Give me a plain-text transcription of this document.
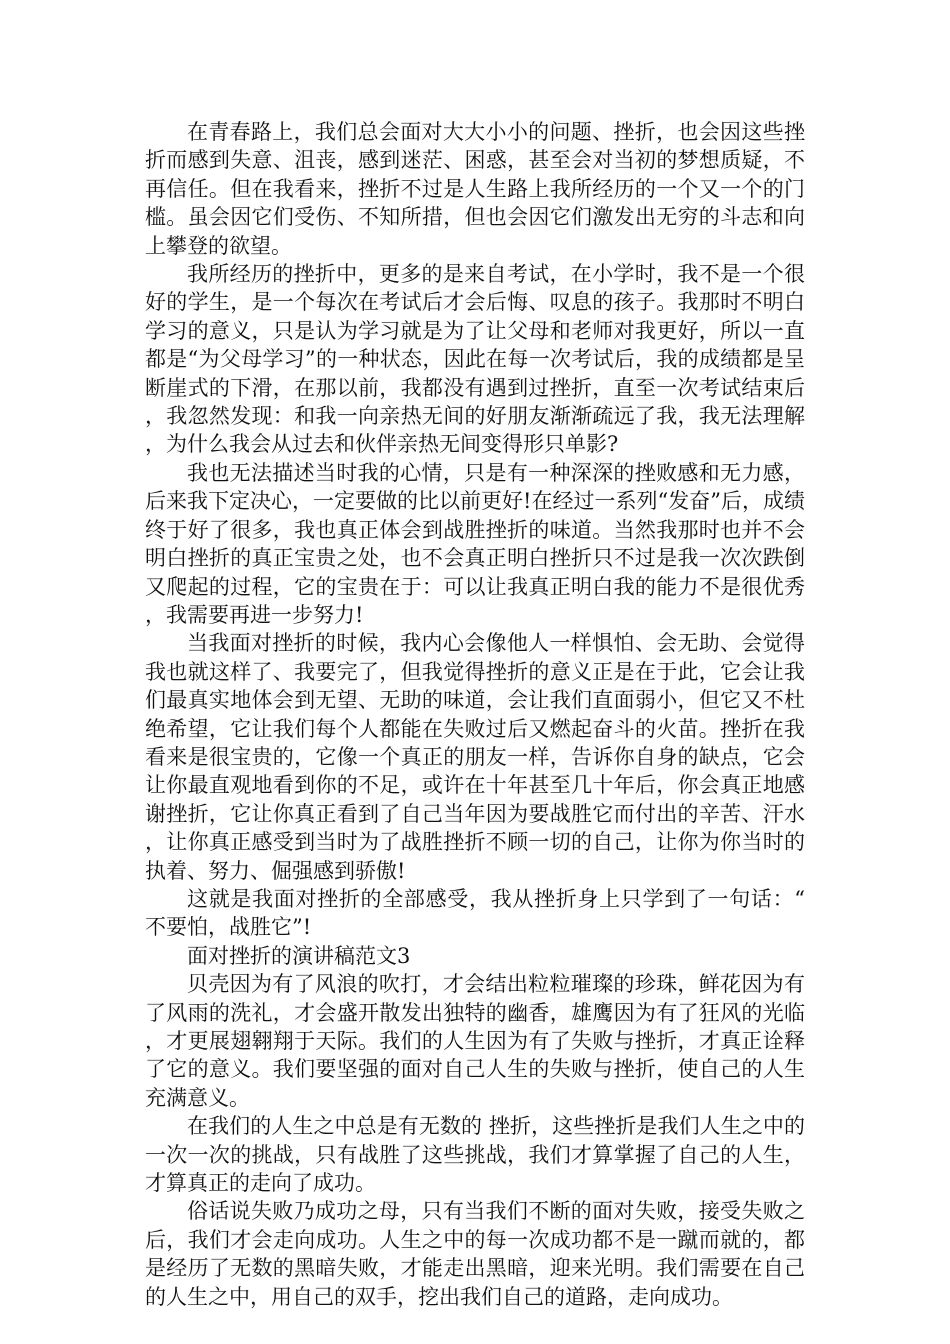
在青春路上，我们总会面对大大小小的问题、挫折，也会因这些挫折而感到失意、沮丧，感到迷茫、困惑，甚至会对当初的梦想质疑，不再信任。但在我看来，挫折不过是人生路上我所经历的一个又一个的门槛。虽会因它们受伤、不知所措，但也会因它们激发出无穷的斗志和向上攀登的欲望。

我所经历的挫折中，更多的是来自考试，在小学时，我不是一个很好的学生，是一个每次在考试后才会后悔、叹息的孩子。我那时不明白学习的意义，只是认为学习就是为了让父母和老师对我更好，所以一直都是“为父母学习”的一种状态，因此在每一次考试后，我的成绩都是呈断崖式的下滑，在那以前，我都没有遇到过挫折，直至一次考试结束后，我忽然发现：和我一向亲热无间的好朋友渐渐疏远了我，我无法理解，为什么我会从过去和伙伴亲热无间变得形只单影?

我也无法描述当时我的心情，只是有一种深深的挫败感和无力感，后来我下定决心，一定要做的比以前更好!在经过一系列“发奋”后，成绩终于好了很多，我也真正体会到战胜挫折的味道。当然我那时也并不会明白挫折的真正宝贵之处，也不会真正明白挫折只不过是我一次次跌倒又爬起的过程，它的宝贵在于：可以让我真正明白我的能力不是很优秀，我需要再进一步努力!

当我面对挫折的时候，我内心会像他人一样惧怕、会无助、会觉得我也就这样了、我要完了，但我觉得挫折的意义正是在于此，它会让我们最真实地体会到无望、无助的味道，会让我们直面弱小，但它又不杜绝希望，它让我们每个人都能在失败过后又燃起奋斗的火苗。挫折在我看来是很宝贵的，它像一个真正的朋友一样，告诉你自身的缺点，它会让你最直观地看到你的不足，或许在十年甚至几十年后，你会真正地感谢挫折，它让你真正看到了自己当年因为要战胜它而付出的辛苦、汗水，让你真正感受到当时为了战胜挫折不顾一切的自己，让你为你当时的执着、努力、倔强感到骄傲!

这就是我面对挫折的全部感受，我从挫折身上只学到了一句话：“不要怕，战胜它”!

面对挫折的演讲稿范文3

贝壳因为有了风浪的吹打，才会结出粒粒璀璨的珍珠，鲜花因为有了风雨的洗礼，才会盛开散发出独特的幽香，雄鹰因为有了狂风的光临，才更展翅翱翔于天际。我们的人生因为有了失败与挫折，才真正诠释了它的意义。我们要坚强的面对自己人生的失败与挫折，使自己的人生充满意义。

在我们的人生之中总是有无数的 挫折，这些挫折是我们人生之中的一次一次的挑战，只有战胜了这些挑战，我们才算掌握了自己的人生，才算真正的走向了成功。

俗话说失败乃成功之母，只有当我们不断的面对失败，接受失败之后，我们才会走向成功。人生之中的每一次成功都不是一蹴而就的，都是经历了无数的黑暗失败，才能走出黑暗，迎来光明。我们需要在自己的人生之中，用自己的双手，挖出我们自己的道路，走向成功。
